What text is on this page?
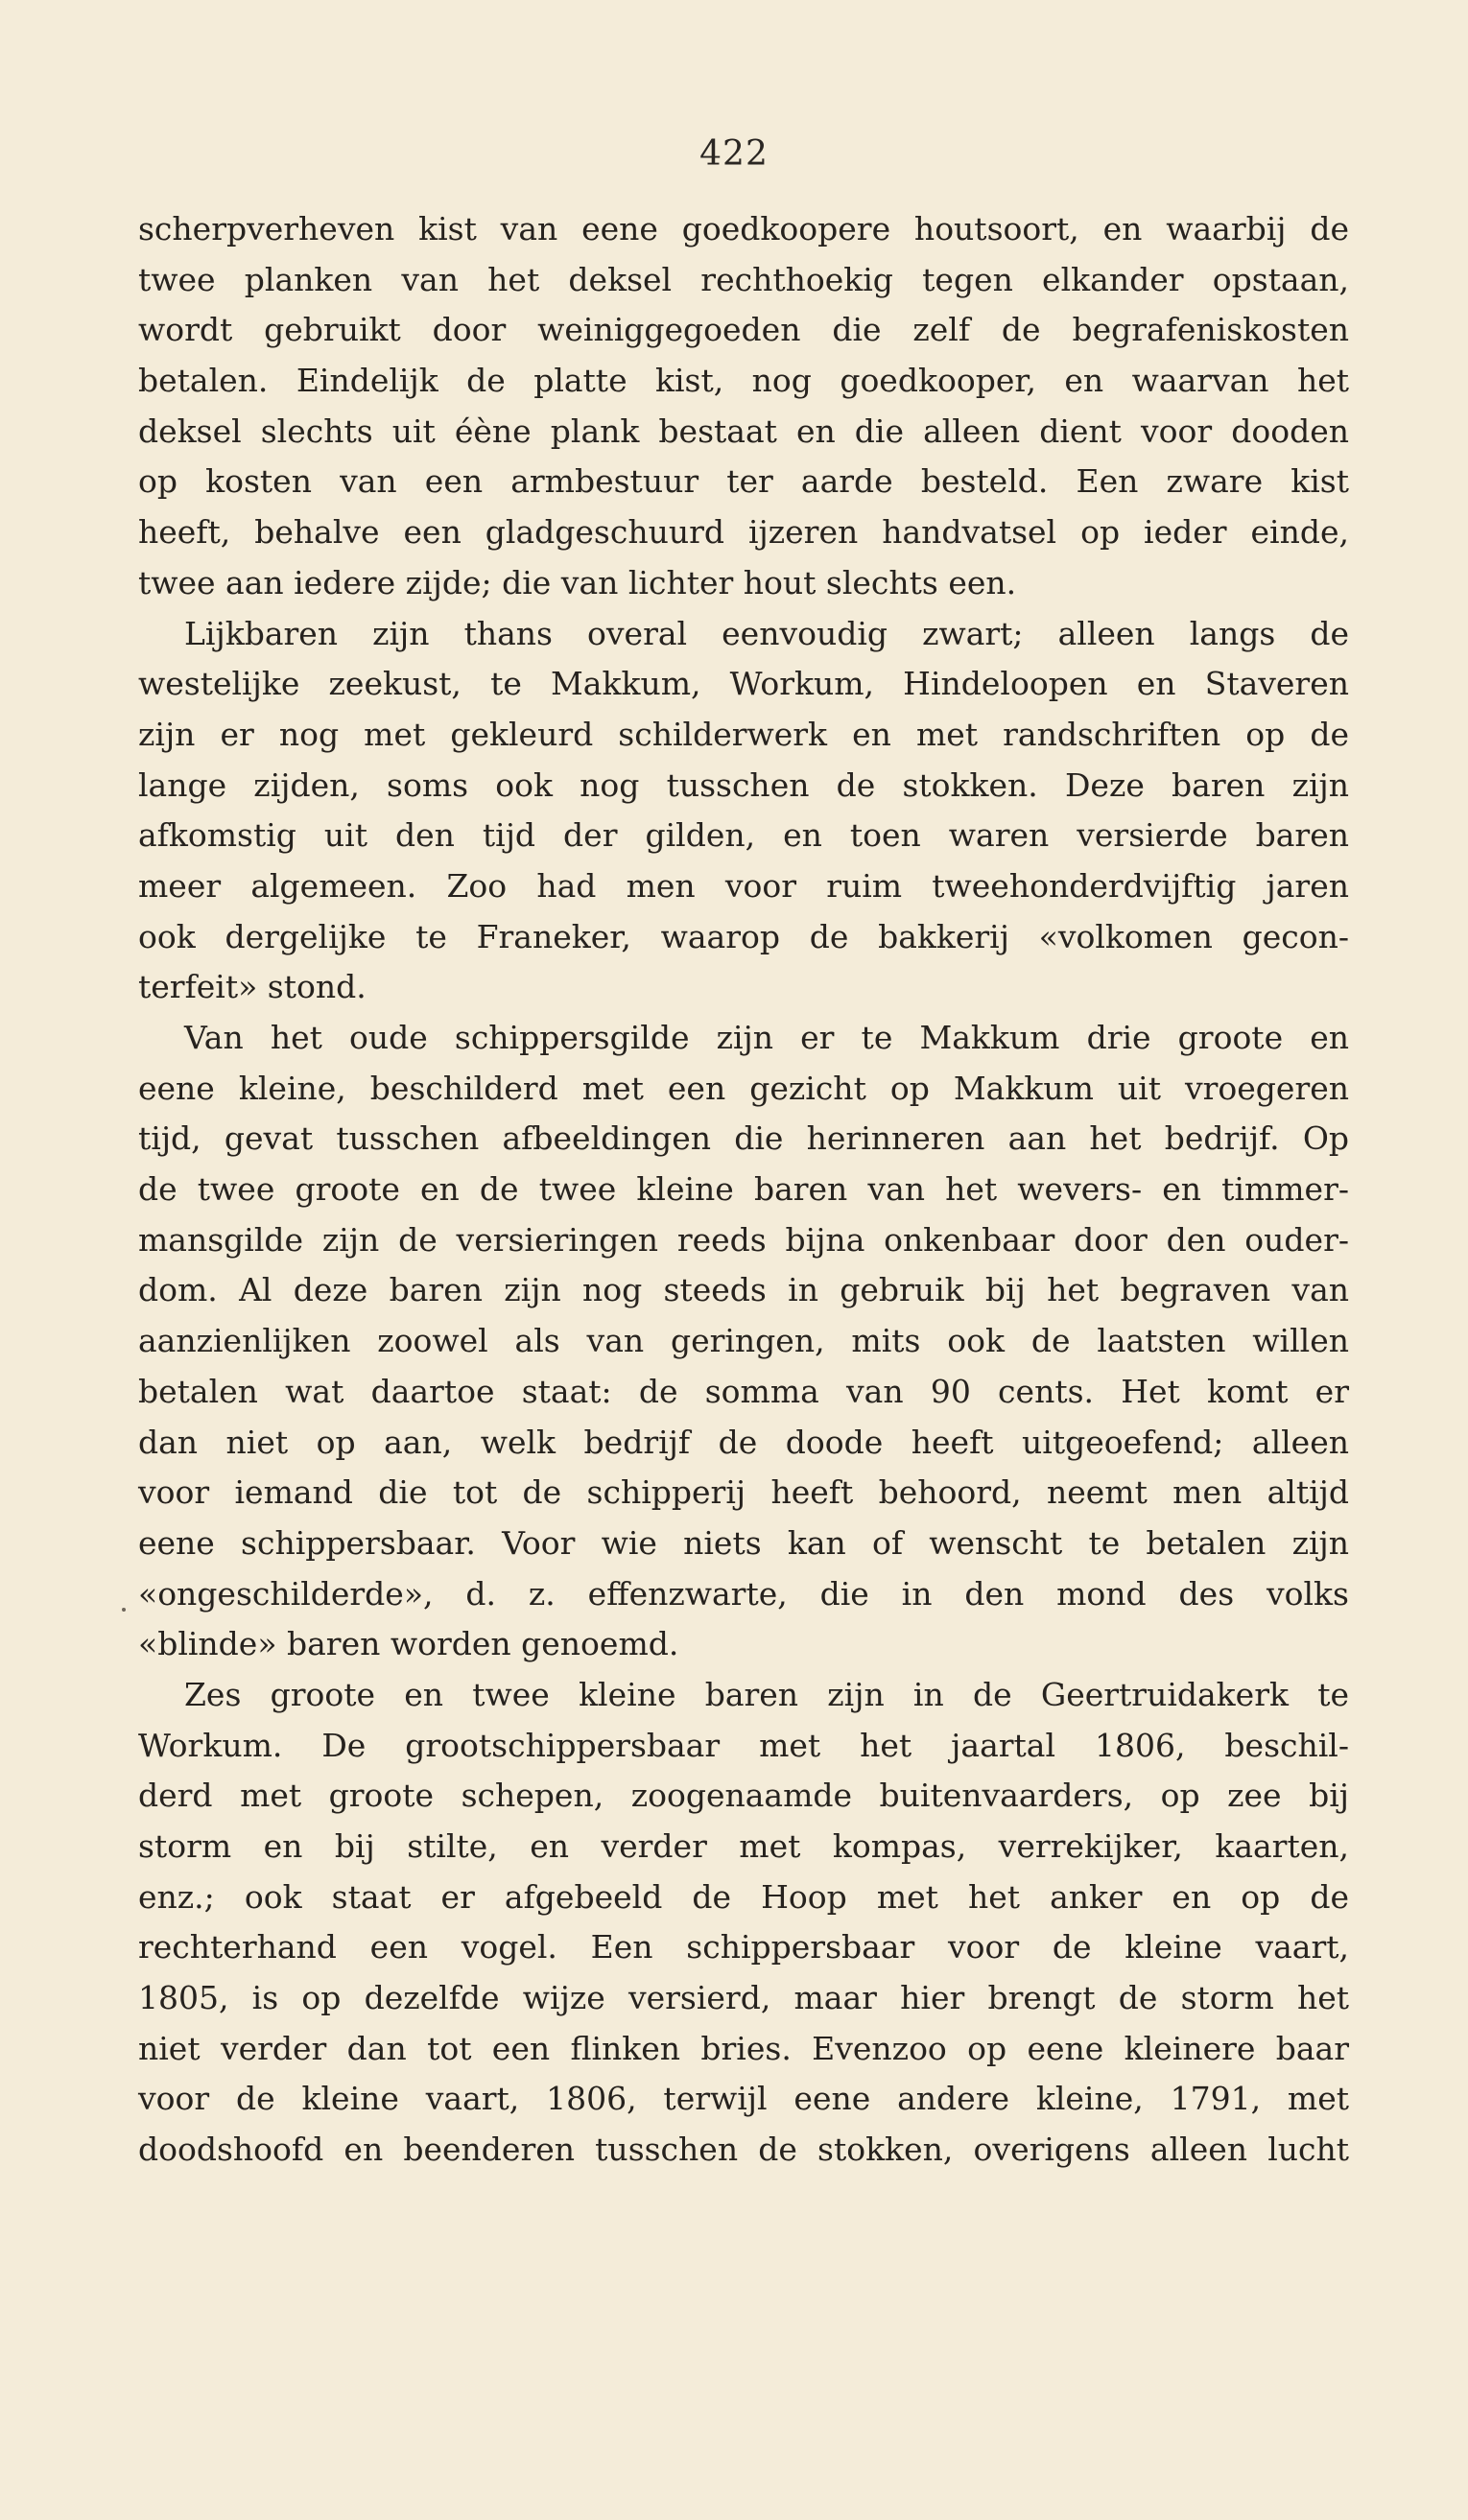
422
scherpverheven kist van eene goedkoopere houtsoort, en waarbij de
twee planken van het deksel rechthoekig tegen elkander opstaan,
wordt gebruikt door weiniggegoeden die zelf de begrafeniskosten
betalen. Eindelijk de platte kist, nog goedkooper, en waarvan het
deksel slechts uit éène plank bestaat en die alleen dient voor dooden
op kosten van een armbestuur ter aarde besteld. Een zware kist
heeft, behalve een gladgeschuurd ijzeren handvatsel op ieder einde,
twee aan iedere zijde; die van lichter hout slechts een.
Lijkbaren zijn thans overal eenvoudig zwart; alleen langs de
westelijke zeekust, te Makkum, Workum, Hindeloopen en Staveren
zijn er nog met gekleurd schilderwerk en met randschriften op de
lange zijden, soms ook nog tusschen de stokken. Deze baren zijn
afkomstig uit den tijd der gilden, en toen waren versierde baren
meer algemeen. Zoo had men voor ruim tweehonderdvijftig jaren
ook dergelijke te Franeker, waarop de bakkerij «volkomen gecon-
terfeit» stond.
Van het oude schippersgilde zijn er te Makkum drie groote en
eene kleine, beschilderd met een gezicht op Makkum uit vroegeren
tijd, gevat tusschen afbeeldingen die herinneren aan het bedrijf. Op
de twee groote en de twee kleine baren van het wevers- en timmer-
mansgilde zijn de versieringen reeds bijna onkenbaar door den ouder-
dom. Al deze baren zijn nog steeds in gebruik bij het begraven van
aanzienlijken zoowel als van geringen, mits ook de laatsten willen
betalen wat daartoe staat: de somma van 90 cents. Het komt er
dan niet op aan, welk bedrijf de doode heeft uitgeoefend; alleen
voor iemand die tot de schipperij heeft behoord, neemt men altijd
eene schippersbaar. Voor wie niets kan of wenscht te betalen zijn
«ongeschilderde», d. z. effenzwarte, die in den mond des volks
«blinde» baren worden genoemd.
Zes groote en twee kleine baren zijn in de Geertruidakerk te
Workum. De grootschippersbaar met het jaartal 1806, beschil-
derd met groote schepen, zoogenaamde buitenvaarders, op zee bij
storm en bij stilte, en verder met kompas, verrekijker, kaarten,
enz.; ook staat er afgebeeld de Hoop met het anker en op de
rechterhand een vogel. Een schippersbaar voor de kleine vaart,
1805, is op dezelfde wijze versierd, maar hier brengt de storm het
niet verder dan tot een flinken bries. Evenzoo op eene kleinere baar
voor de kleine vaart, 1806, terwijl eene andere kleine, 1791, met
doodshoofd en beenderen tusschen de stokken, overigens alleen lucht
